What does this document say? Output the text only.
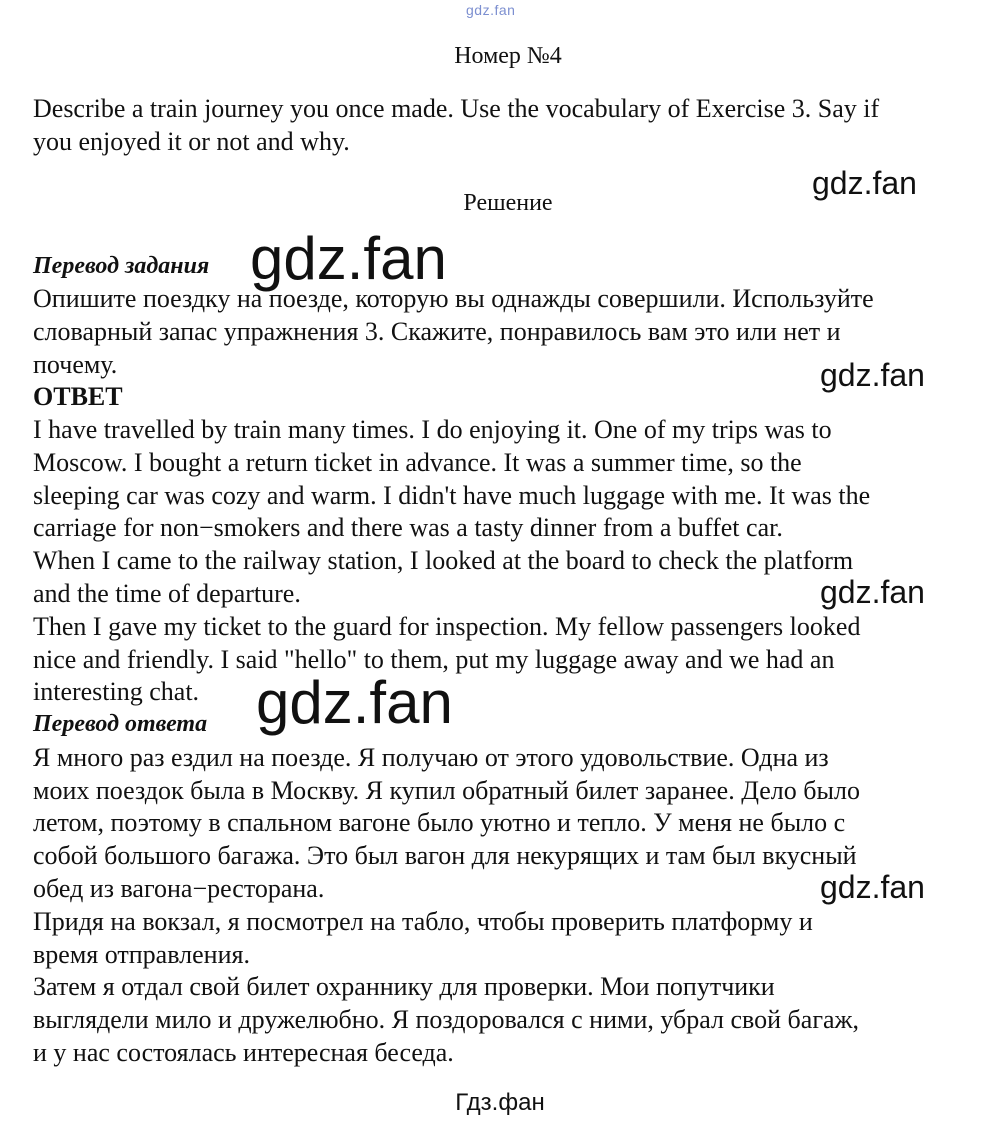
gdz.fan
Номер №4
Describe a train journey you once made. Use the vocabulary of Exercise 3. Say if
you enjoyed it or not and why.
Решение
Перевод задания
Опишите поездку на поезде, которую вы однажды совершили. Используйте
словарный запас упражнения 3. Скажите, понравилось вам это или нет и
почему.
ОТВЕТ
I have travelled by train many times. I do enjoying it. One of my trips was to
Moscow. I bought a return ticket in advance. It was a summer time, so the
sleeping car was cozy and warm. I didn't have much luggage with me. It was the
carriage for non−smokers and there was a tasty dinner from a buffet car.
When I came to the railway station, I looked at the board to check the platform
and the time of departure.
Then I gave my ticket to the guard for inspection. My fellow passengers looked
nice and friendly. I said "hello" to them, put my luggage away and we had an
interesting chat.
Перевод ответа
Я много раз ездил на поезде. Я получаю от этого удовольствие. Одна из
моих поездок была в Москву. Я купил обратный билет заранее. Дело было
летом, поэтому в спальном вагоне было уютно и тепло. У меня не было с
собой большого багажа. Это был вагон для некурящих и там был вкусный
обед из вагона−ресторана.
Придя на вокзал, я посмотрел на табло, чтобы проверить платформу и
время отправления.
Затем я отдал свой билет охраннику для проверки. Мои попутчики
выглядели мило и дружелюбно. Я поздоровался с ними, убрал свой багаж,
и у нас состоялась интересная беседа.
gdz.fan
gdz.fan
gdz.fan
gdz.fan
gdz.fan
gdz.fan
Гдз.фан
